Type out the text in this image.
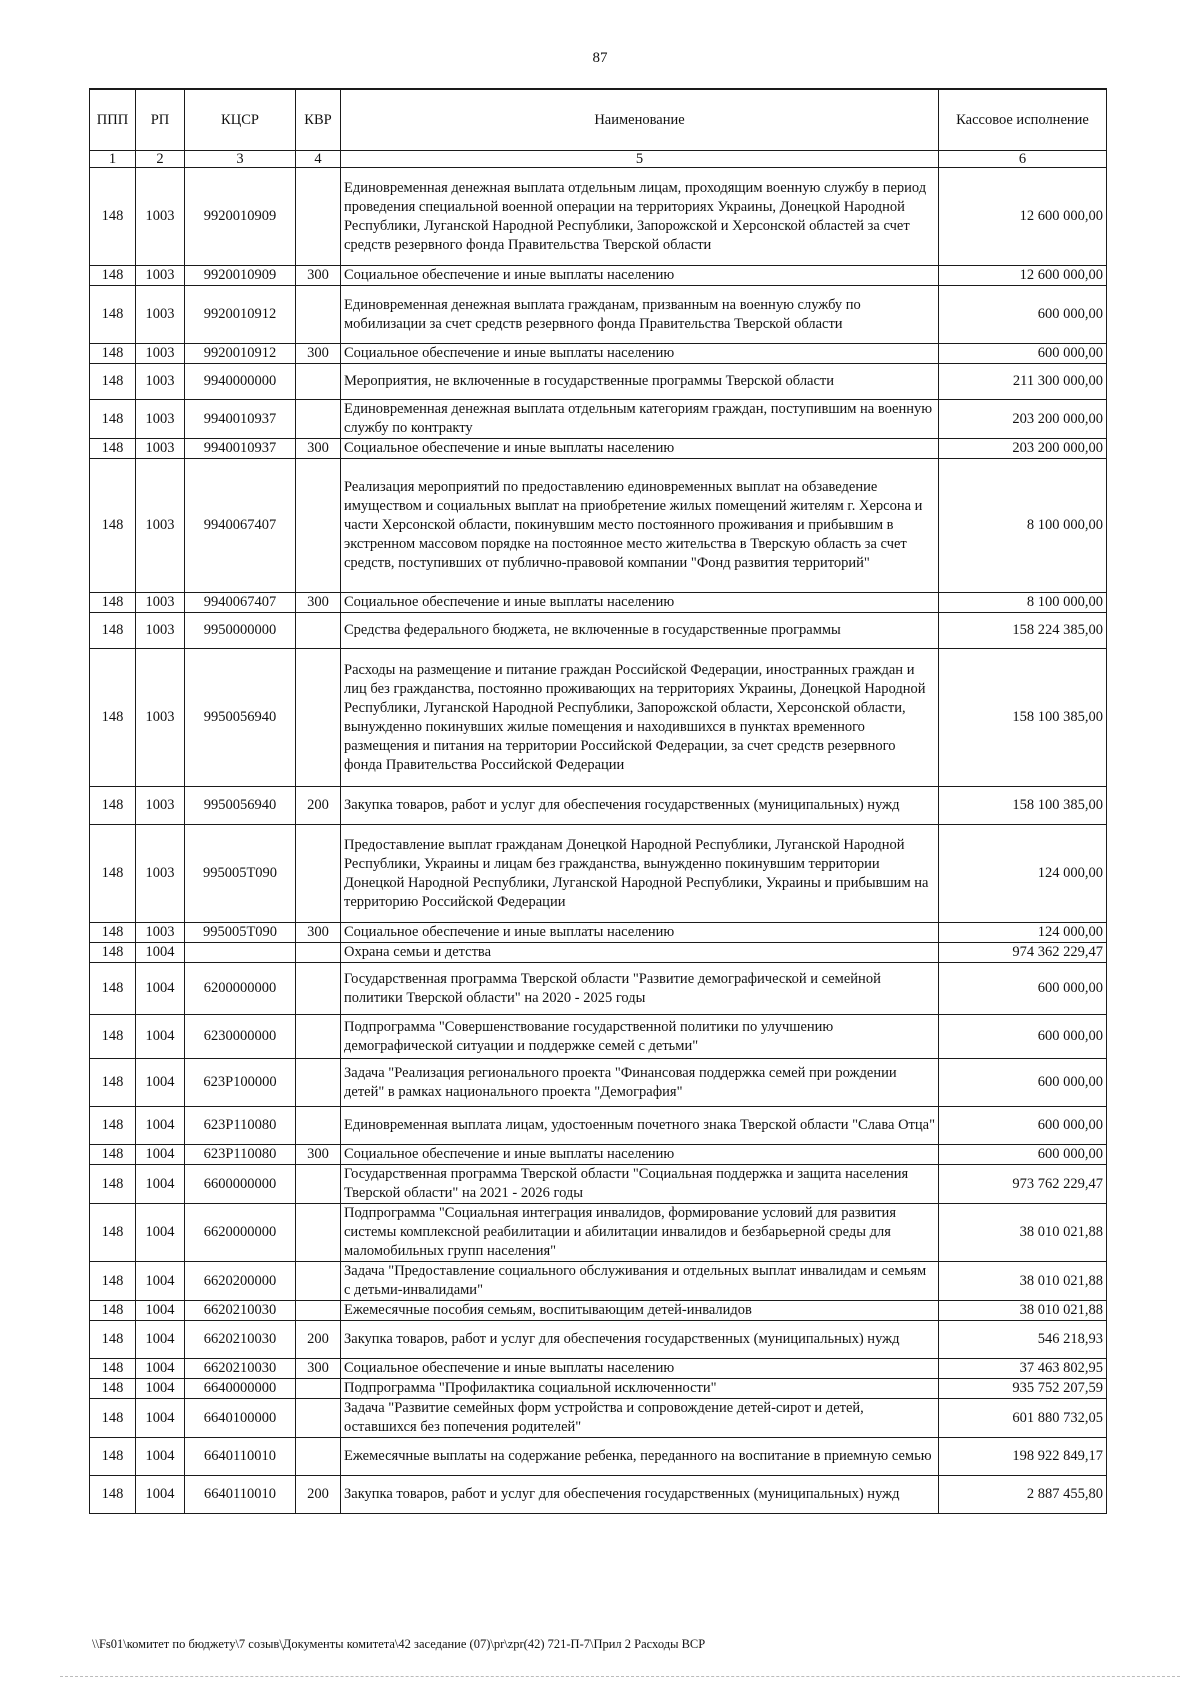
87
ППП	РП	КЦСР	КВР	Наименование	Кассовое исполнение
1	2	3	4	5	6
148	1003	9920010909		Единовременная денежная выплата отдельным лицам, проходящим военную службу в период проведения специальной военной операции на территориях Украины, Донецкой Народной Республики, Луганской Народной Республики, Запорожской и Херсонской областей за счет средств резервного фонда Правительства Тверской области	12 600 000,00
148	1003	9920010909	300	Социальное обеспечение и иные выплаты населению	12 600 000,00
148	1003	9920010912		Единовременная денежная выплата гражданам, призванным на военную службу по мобилизации за счет средств резервного фонда Правительства Тверской области	600 000,00
148	1003	9920010912	300	Социальное обеспечение и иные выплаты населению	600 000,00
148	1003	9940000000		Мероприятия, не включенные в государственные программы Тверской области	211 300 000,00
148	1003	9940010937		Единовременная денежная выплата отдельным категориям граждан, поступившим на военную службу по контракту	203 200 000,00
148	1003	9940010937	300	Социальное обеспечение и иные выплаты населению	203 200 000,00
148	1003	9940067407		Реализация мероприятий по предоставлению единовременных выплат на обзаведение имуществом и социальных выплат на приобретение жилых помещений жителям г. Херсона и части Херсонской области, покинувшим место постоянного проживания и прибывшим в экстренном массовом порядке на постоянное место жительства в Тверскую область за счет средств, поступивших от публично-правовой компании "Фонд развития территорий"	8 100 000,00
148	1003	9940067407	300	Социальное обеспечение и иные выплаты населению	8 100 000,00
148	1003	9950000000		Средства федерального бюджета, не включенные в государственные программы	158 224 385,00
148	1003	9950056940		Расходы на размещение и питание граждан Российской Федерации, иностранных граждан и лиц без гражданства, постоянно проживающих на территориях Украины, Донецкой Народной Республики, Луганской Народной Республики, Запорожской области, Херсонской области, вынужденно покинувших жилые помещения и находившихся в пунктах временного размещения и питания на территории Российской Федерации, за счет средств резервного фонда Правительства Российской Федерации	158 100 385,00
148	1003	9950056940	200	Закупка товаров, работ и услуг для обеспечения государственных (муниципальных) нужд	158 100 385,00
148	1003	995005Т090		Предоставление выплат гражданам Донецкой Народной Республики, Луганской Народной Республики, Украины и лицам без гражданства, вынужденно покинувшим территории Донецкой Народной Республики, Луганской Народной Республики, Украины и прибывшим на территорию Российской Федерации	124 000,00
148	1003	995005Т090	300	Социальное обеспечение и иные выплаты населению	124 000,00
148	1004			Охрана семьи и детства	974 362 229,47
148	1004	6200000000		Государственная программа Тверской области "Развитие демографической и семейной политики Тверской области" на 2020 - 2025 годы	600 000,00
148	1004	6230000000		Подпрограмма "Совершенствование государственной политики по улучшению демографической ситуации и поддержке семей с детьми"	600 000,00
148	1004	623P100000		Задача "Реализация регионального проекта "Финансовая поддержка семей при рождении детей" в рамках национального проекта "Демография"	600 000,00
148	1004	623P110080		Единовременная выплата лицам, удостоенным почетного знака Тверской области "Слава Отца"	600 000,00
148	1004	623P110080	300	Социальное обеспечение и иные выплаты населению	600 000,00
148	1004	6600000000		Государственная программа Тверской области "Социальная поддержка и защита населения Тверской области" на 2021 - 2026 годы	973 762 229,47
148	1004	6620000000		Подпрограмма "Социальная интеграция инвалидов, формирование условий для развития системы комплексной реабилитации и абилитации инвалидов и безбарьерной среды для маломобильных групп населения"	38 010 021,88
148	1004	6620200000		Задача "Предоставление социального обслуживания и отдельных выплат инвалидам и семьям с детьми-инвалидами"	38 010 021,88
148	1004	6620210030		Ежемесячные пособия семьям, воспитывающим детей-инвалидов	38 010 021,88
148	1004	6620210030	200	Закупка товаров, работ и услуг для обеспечения государственных (муниципальных) нужд	546 218,93
148	1004	6620210030	300	Социальное обеспечение и иные выплаты населению	37 463 802,95
148	1004	6640000000		Подпрограмма "Профилактика социальной исключенности"	935 752 207,59
148	1004	6640100000		Задача "Развитие семейных форм устройства и сопровождение детей-сирот и детей, оставшихся без попечения родителей"	601 880 732,05
148	1004	6640110010		Ежемесячные выплаты на содержание ребенка, переданного на воспитание в приемную семью	198 922 849,17
148	1004	6640110010	200	Закупка товаров, работ и услуг для обеспечения государственных (муниципальных) нужд	2 887 455,80
\\Fs01\комитет по бюджету\7 созыв\Документы комитета\42 заседание (07)\pr\zpr(42) 721-П-7\Прил 2 Расходы ВСР
